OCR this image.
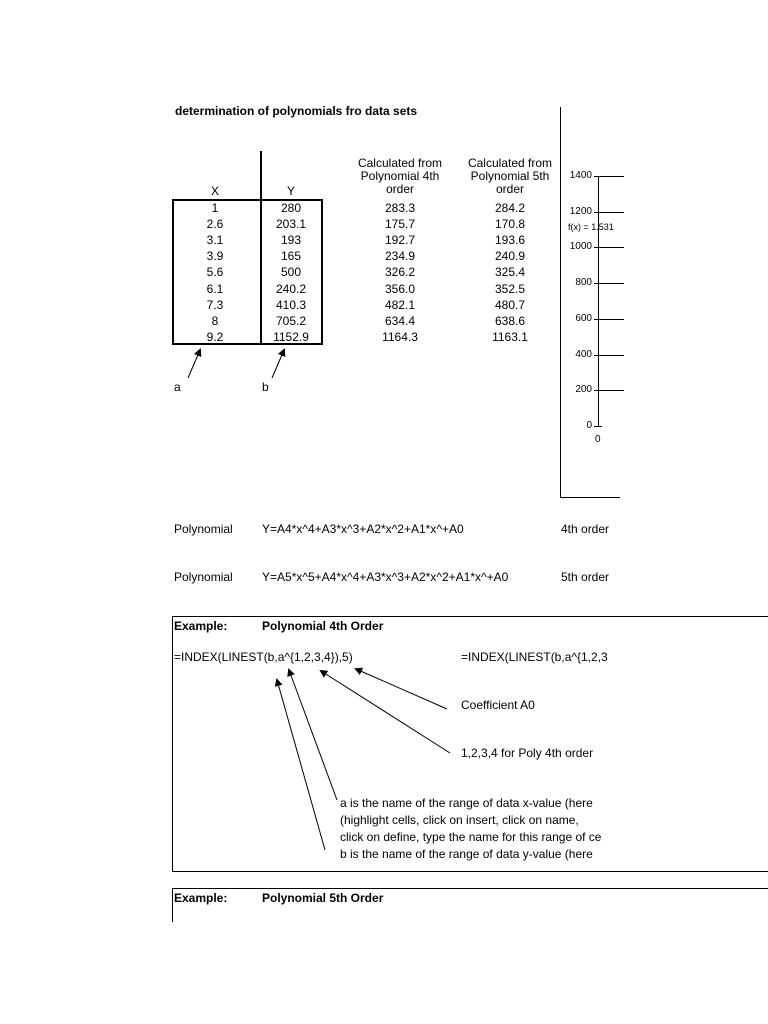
determination of polynomials fro data sets
X	Y
Calculated from
Polynomial 4th
order
Calculated from
Polynomial 5th
order
1	280	283.3	284.2
2.6	203.1	175.7	170.8
3.1	193	192.7	193.6
3.9	165	234.9	240.9
5.6	500	326.2	325.4
6.1	240.2	356.0	352.5
7.3	410.3	482.1	480.7
8	705.2	634.4	638.6
9.2	1152.9	1164.3	1163.1
a	b
1400
1200
1000
800
600
400
200
0
0
f(x) = 1.531
Polynomial Y=A4*x^4+A3*x^3+A2*x^2+A1*x^+A0	4th order
Polynomial Y=A5*x^5+A4*x^4+A3*x^3+A2*x^2+A1*x^+A0	5th order
Example:	Polynomial 4th Order
=INDEX(LINEST(b,a^{1,2,3,4}),5)	=INDEX(LINEST(b,a^{1,2,3
Coefficient A0
1,2,3,4 for Poly 4th order
a is the name of the range of data x-value (here
(highlight cells, click on insert, click on name,
click on define, type the name for this range of ce
b is the name of the range of data y-value (here
Example:	Polynomial 5th Order
